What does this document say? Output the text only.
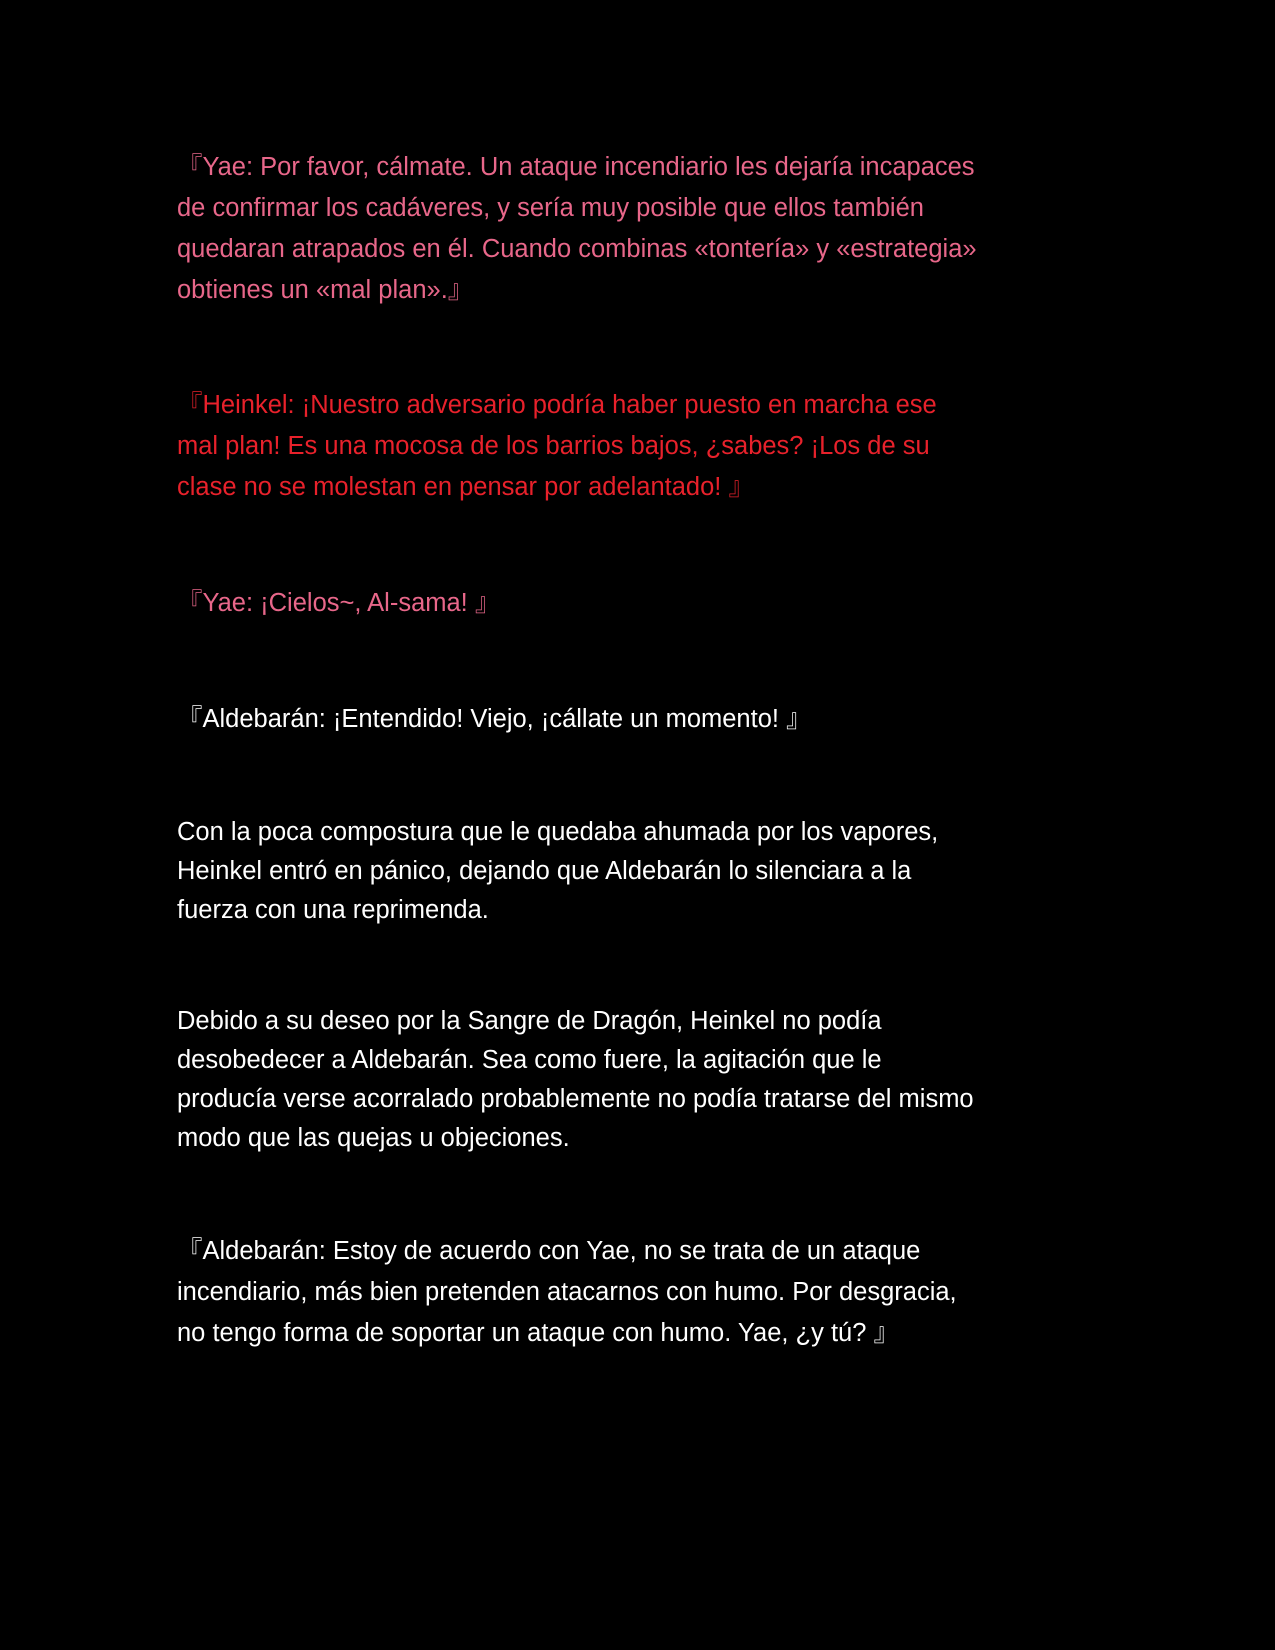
『Yae: Por favor, cálmate. Un ataque incendiario les dejaría incapaces
de confirmar los cadáveres, y sería muy posible que ellos también
quedaran atrapados en él. Cuando combinas «tontería» y «estrategia»
obtienes un «mal plan».』

『Heinkel: ¡Nuestro adversario podría haber puesto en marcha ese
mal plan! Es una mocosa de los barrios bajos, ¿sabes? ¡Los de su
clase no se molestan en pensar por adelantado! 』

『Yae: ¡Cielos~, Al-sama! 』

『Aldebarán: ¡Entendido! Viejo, ¡cállate un momento! 』

Con la poca compostura que le quedaba ahumada por los vapores,
Heinkel entró en pánico, dejando que Aldebarán lo silenciara a la
fuerza con una reprimenda.

Debido a su deseo por la Sangre de Dragón, Heinkel no podía
desobedecer a Aldebarán. Sea como fuere, la agitación que le
producía verse acorralado probablemente no podía tratarse del mismo
modo que las quejas u objeciones.

『Aldebarán: Estoy de acuerdo con Yae, no se trata de un ataque
incendiario, más bien pretenden atacarnos con humo. Por desgracia,
no tengo forma de soportar un ataque con humo. Yae, ¿y tú? 』
